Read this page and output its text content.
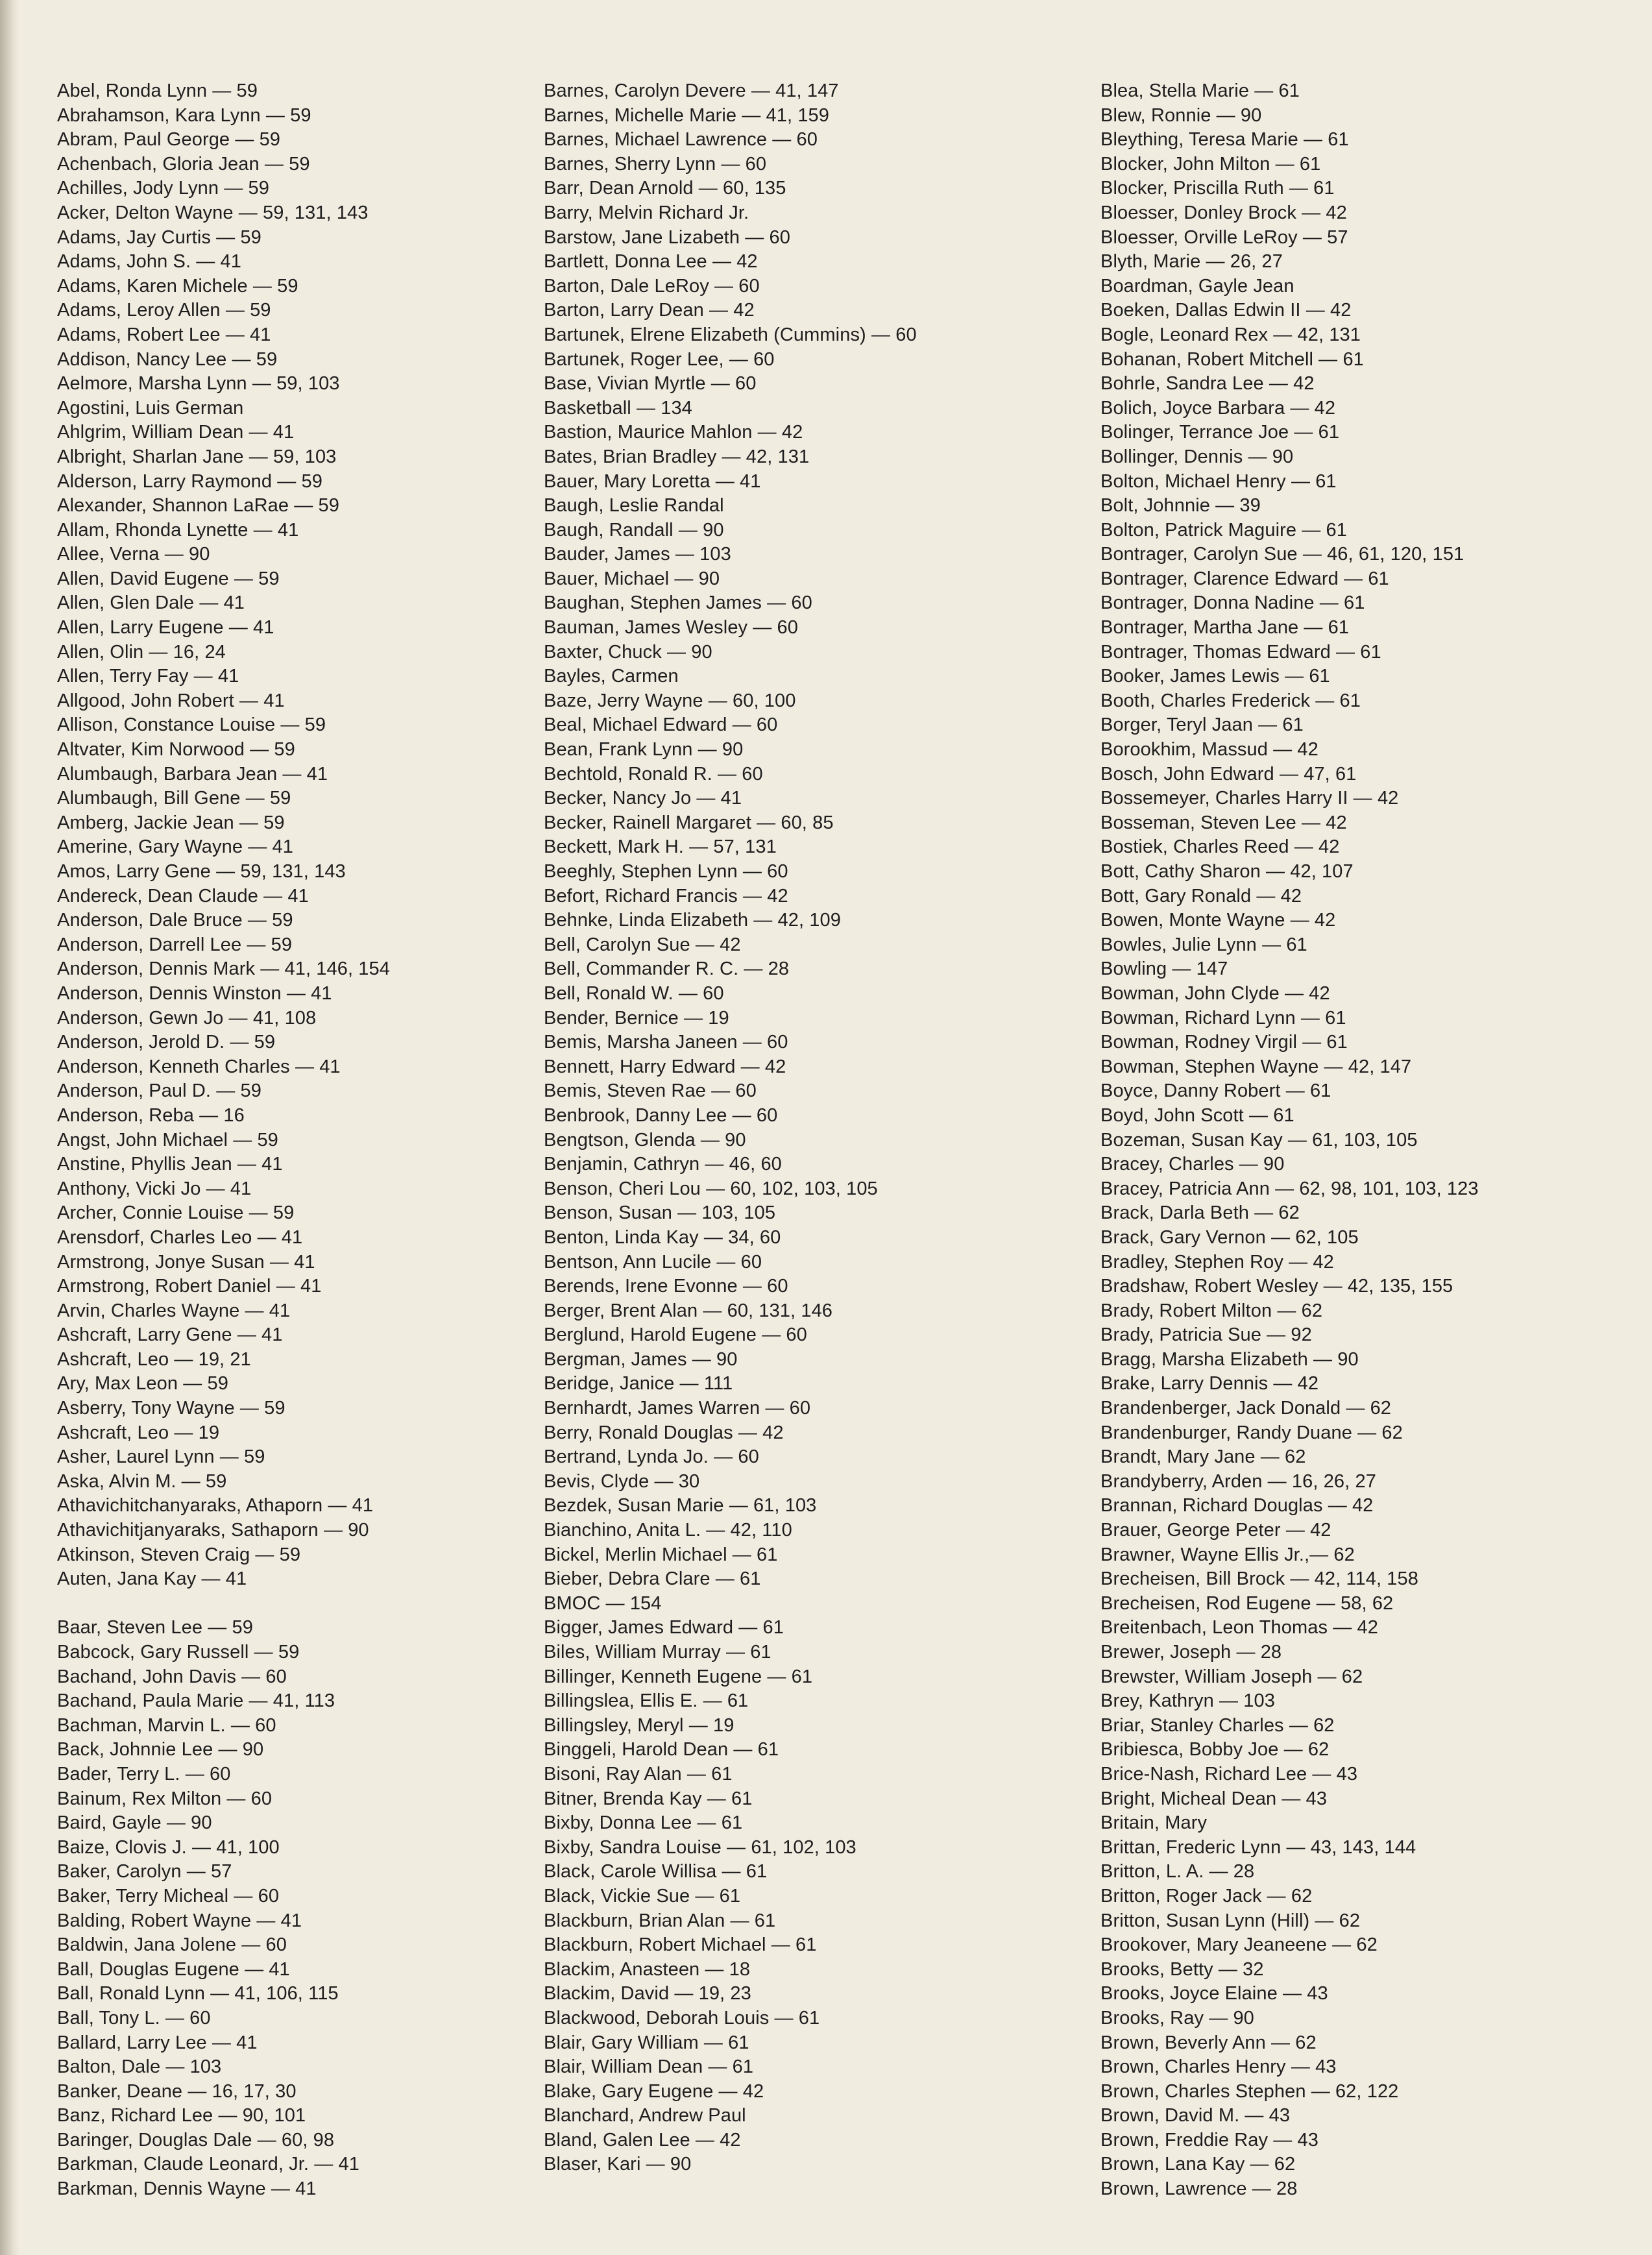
Abel, Ronda Lynn — 59
Abrahamson, Kara Lynn — 59
Abram, Paul George — 59
Achenbach, Gloria Jean — 59
Achilles, Jody Lynn — 59
Acker, Delton Wayne — 59, 131, 143
Adams, Jay Curtis — 59
Adams, John S. — 41
Adams, Karen Michele — 59
Adams, Leroy Allen — 59
Adams, Robert Lee — 41
Addison, Nancy Lee — 59
Aelmore, Marsha Lynn — 59, 103
Agostini, Luis German
Ahlgrim, William Dean — 41
Albright, Sharlan Jane — 59, 103
Alderson, Larry Raymond — 59
Alexander, Shannon LaRae — 59
Allam, Rhonda Lynette — 41
Allee, Verna — 90
Allen, David Eugene — 59
Allen, Glen Dale — 41
Allen, Larry Eugene — 41
Allen, Olin — 16, 24
Allen, Terry Fay — 41
Allgood, John Robert — 41
Allison, Constance Louise — 59
Altvater, Kim Norwood — 59
Alumbaugh, Barbara Jean — 41
Alumbaugh, Bill Gene — 59
Amberg, Jackie Jean — 59
Amerine, Gary Wayne — 41
Amos, Larry Gene — 59, 131, 143
Andereck, Dean Claude — 41
Anderson, Dale Bruce — 59
Anderson, Darrell Lee — 59
Anderson, Dennis Mark — 41, 146, 154
Anderson, Dennis Winston — 41
Anderson, Gewn Jo — 41, 108
Anderson, Jerold D. — 59
Anderson, Kenneth Charles — 41
Anderson, Paul D. — 59
Anderson, Reba — 16
Angst, John Michael — 59
Anstine, Phyllis Jean — 41
Anthony, Vicki Jo — 41
Archer, Connie Louise — 59
Arensdorf, Charles Leo — 41
Armstrong, Jonye Susan — 41
Armstrong, Robert Daniel — 41
Arvin, Charles Wayne — 41
Ashcraft, Larry Gene — 41
Ashcraft, Leo — 19, 21
Ary, Max Leon — 59
Asberry, Tony Wayne — 59
Ashcraft, Leo — 19
Asher, Laurel Lynn — 59
Aska, Alvin M. — 59
Athavichitchanyaraks, Athaporn — 41
Athavichitjanyaraks, Sathaporn — 90
Atkinson, Steven Craig — 59
Auten, Jana Kay — 41
Baar, Steven Lee — 59
Babcock, Gary Russell — 59
Bachand, John Davis — 60
Bachand, Paula Marie — 41, 113
Bachman, Marvin L. — 60
Back, Johnnie Lee — 90
Bader, Terry L. — 60
Bainum, Rex Milton — 60
Baird, Gayle — 90
Baize, Clovis J. — 41, 100
Baker, Carolyn — 57
Baker, Terry Micheal — 60
Balding, Robert Wayne — 41
Baldwin, Jana Jolene — 60
Ball, Douglas Eugene — 41
Ball, Ronald Lynn — 41, 106, 115
Ball, Tony L. — 60
Ballard, Larry Lee — 41
Balton, Dale — 103
Banker, Deane — 16, 17, 30
Banz, Richard Lee — 90, 101
Baringer, Douglas Dale — 60, 98
Barkman, Claude Leonard, Jr. — 41
Barkman, Dennis Wayne — 41
Barnes, Carolyn Devere — 41, 147
Barnes, Michelle Marie — 41, 159
Barnes, Michael Lawrence — 60
Barnes, Sherry Lynn — 60
Barr, Dean Arnold — 60, 135
Barry, Melvin Richard Jr.
Barstow, Jane Lizabeth — 60
Bartlett, Donna Lee — 42
Barton, Dale LeRoy — 60
Barton, Larry Dean — 42
Bartunek, Elrene Elizabeth (Cummins) — 60
Bartunek, Roger Lee, — 60
Base, Vivian Myrtle — 60
Basketball — 134
Bastion, Maurice Mahlon — 42
Bates, Brian Bradley — 42, 131
Bauer, Mary Loretta — 41
Baugh, Leslie Randal
Baugh, Randall — 90
Bauder, James — 103
Bauer, Michael — 90
Baughan, Stephen James — 60
Bauman, James Wesley — 60
Baxter, Chuck — 90
Bayles, Carmen
Baze, Jerry Wayne — 60, 100
Beal, Michael Edward — 60
Bean, Frank Lynn — 90
Bechtold, Ronald R. — 60
Becker, Nancy Jo — 41
Becker, Rainell Margaret — 60, 85
Beckett, Mark H. — 57, 131
Beeghly, Stephen Lynn — 60
Befort, Richard Francis — 42
Behnke, Linda Elizabeth — 42, 109
Bell, Carolyn Sue — 42
Bell, Commander R. C. — 28
Bell, Ronald W. — 60
Bender, Bernice — 19
Bemis, Marsha Janeen — 60
Bennett, Harry Edward — 42
Bemis, Steven Rae — 60
Benbrook, Danny Lee — 60
Bengtson, Glenda — 90
Benjamin, Cathryn — 46, 60
Benson, Cheri Lou — 60, 102, 103, 105
Benson, Susan — 103, 105
Benton, Linda Kay — 34, 60
Bentson, Ann Lucile — 60
Berends, Irene Evonne — 60
Berger, Brent Alan — 60, 131, 146
Berglund, Harold Eugene — 60
Bergman, James — 90
Beridge, Janice — 111
Bernhardt, James Warren — 60
Berry, Ronald Douglas — 42
Bertrand, Lynda Jo. — 60
Bevis, Clyde — 30
Bezdek, Susan Marie — 61, 103
Bianchino, Anita L. — 42, 110
Bickel, Merlin Michael — 61
Bieber, Debra Clare — 61
BMOC — 154
Bigger, James Edward — 61
Biles, William Murray — 61
Billinger, Kenneth Eugene — 61
Billingslea, Ellis E. — 61
Billingsley, Meryl — 19
Binggeli, Harold Dean — 61
Bisoni, Ray Alan — 61
Bitner, Brenda Kay — 61
Bixby, Donna Lee — 61
Bixby, Sandra Louise — 61, 102, 103
Black, Carole Willisa — 61
Black, Vickie Sue — 61
Blackburn, Brian Alan — 61
Blackburn, Robert Michael — 61
Blackim, Anasteen — 18
Blackim, David — 19, 23
Blackwood, Deborah Louis — 61
Blair, Gary William — 61
Blair, William Dean — 61
Blake, Gary Eugene — 42
Blanchard, Andrew Paul
Bland, Galen Lee — 42
Blaser, Kari — 90
Blea, Stella Marie — 61
Blew, Ronnie — 90
Bleything, Teresa Marie — 61
Blocker, John Milton — 61
Blocker, Priscilla Ruth — 61
Bloesser, Donley Brock — 42
Bloesser, Orville LeRoy — 57
Blyth, Marie — 26, 27
Boardman, Gayle Jean
Boeken, Dallas Edwin II — 42
Bogle, Leonard Rex — 42, 131
Bohanan, Robert Mitchell — 61
Bohrle, Sandra Lee — 42
Bolich, Joyce Barbara — 42
Bolinger, Terrance Joe — 61
Bollinger, Dennis — 90
Bolton, Michael Henry — 61
Bolt, Johnnie — 39
Bolton, Patrick Maguire — 61
Bontrager, Carolyn Sue — 46, 61, 120, 151
Bontrager, Clarence Edward — 61
Bontrager, Donna Nadine — 61
Bontrager, Martha Jane — 61
Bontrager, Thomas Edward — 61
Booker, James Lewis — 61
Booth, Charles Frederick — 61
Borger, Teryl Jaan — 61
Borookhim, Massud — 42
Bosch, John Edward — 47, 61
Bossemeyer, Charles Harry II — 42
Bosseman, Steven Lee — 42
Bostiek, Charles Reed — 42
Bott, Cathy Sharon — 42, 107
Bott, Gary Ronald — 42
Bowen, Monte Wayne — 42
Bowles, Julie Lynn — 61
Bowling — 147
Bowman, John Clyde — 42
Bowman, Richard Lynn — 61
Bowman, Rodney Virgil — 61
Bowman, Stephen Wayne — 42, 147
Boyce, Danny Robert — 61
Boyd, John Scott — 61
Bozeman, Susan Kay — 61, 103, 105
Bracey, Charles — 90
Bracey, Patricia Ann — 62, 98, 101, 103, 123
Brack, Darla Beth — 62
Brack, Gary Vernon — 62, 105
Bradley, Stephen Roy — 42
Bradshaw, Robert Wesley — 42, 135, 155
Brady, Robert Milton — 62
Brady, Patricia Sue — 92
Bragg, Marsha Elizabeth — 90
Brake, Larry Dennis — 42
Brandenberger, Jack Donald — 62
Brandenburger, Randy Duane — 62
Brandt, Mary Jane — 62
Brandyberry, Arden — 16, 26, 27
Brannan, Richard Douglas — 42
Brauer, George Peter — 42
Brawner, Wayne Ellis Jr.,— 62
Brecheisen, Bill Brock — 42, 114, 158
Brecheisen, Rod Eugene — 58, 62
Breitenbach, Leon Thomas — 42
Brewer, Joseph — 28
Brewster, William Joseph — 62
Brey, Kathryn — 103
Briar, Stanley Charles — 62
Bribiesca, Bobby Joe — 62
Brice-Nash, Richard Lee — 43
Bright, Micheal Dean — 43
Britain, Mary
Brittan, Frederic Lynn — 43, 143, 144
Britton, L. A. — 28
Britton, Roger Jack — 62
Britton, Susan Lynn (Hill) — 62
Brookover, Mary Jeaneene — 62
Brooks, Betty — 32
Brooks, Joyce Elaine — 43
Brooks, Ray — 90
Brown, Beverly Ann — 62
Brown, Charles Henry — 43
Brown, Charles Stephen — 62, 122
Brown, David M. — 43
Brown, Freddie Ray — 43
Brown, Lana Kay — 62
Brown, Lawrence — 28
